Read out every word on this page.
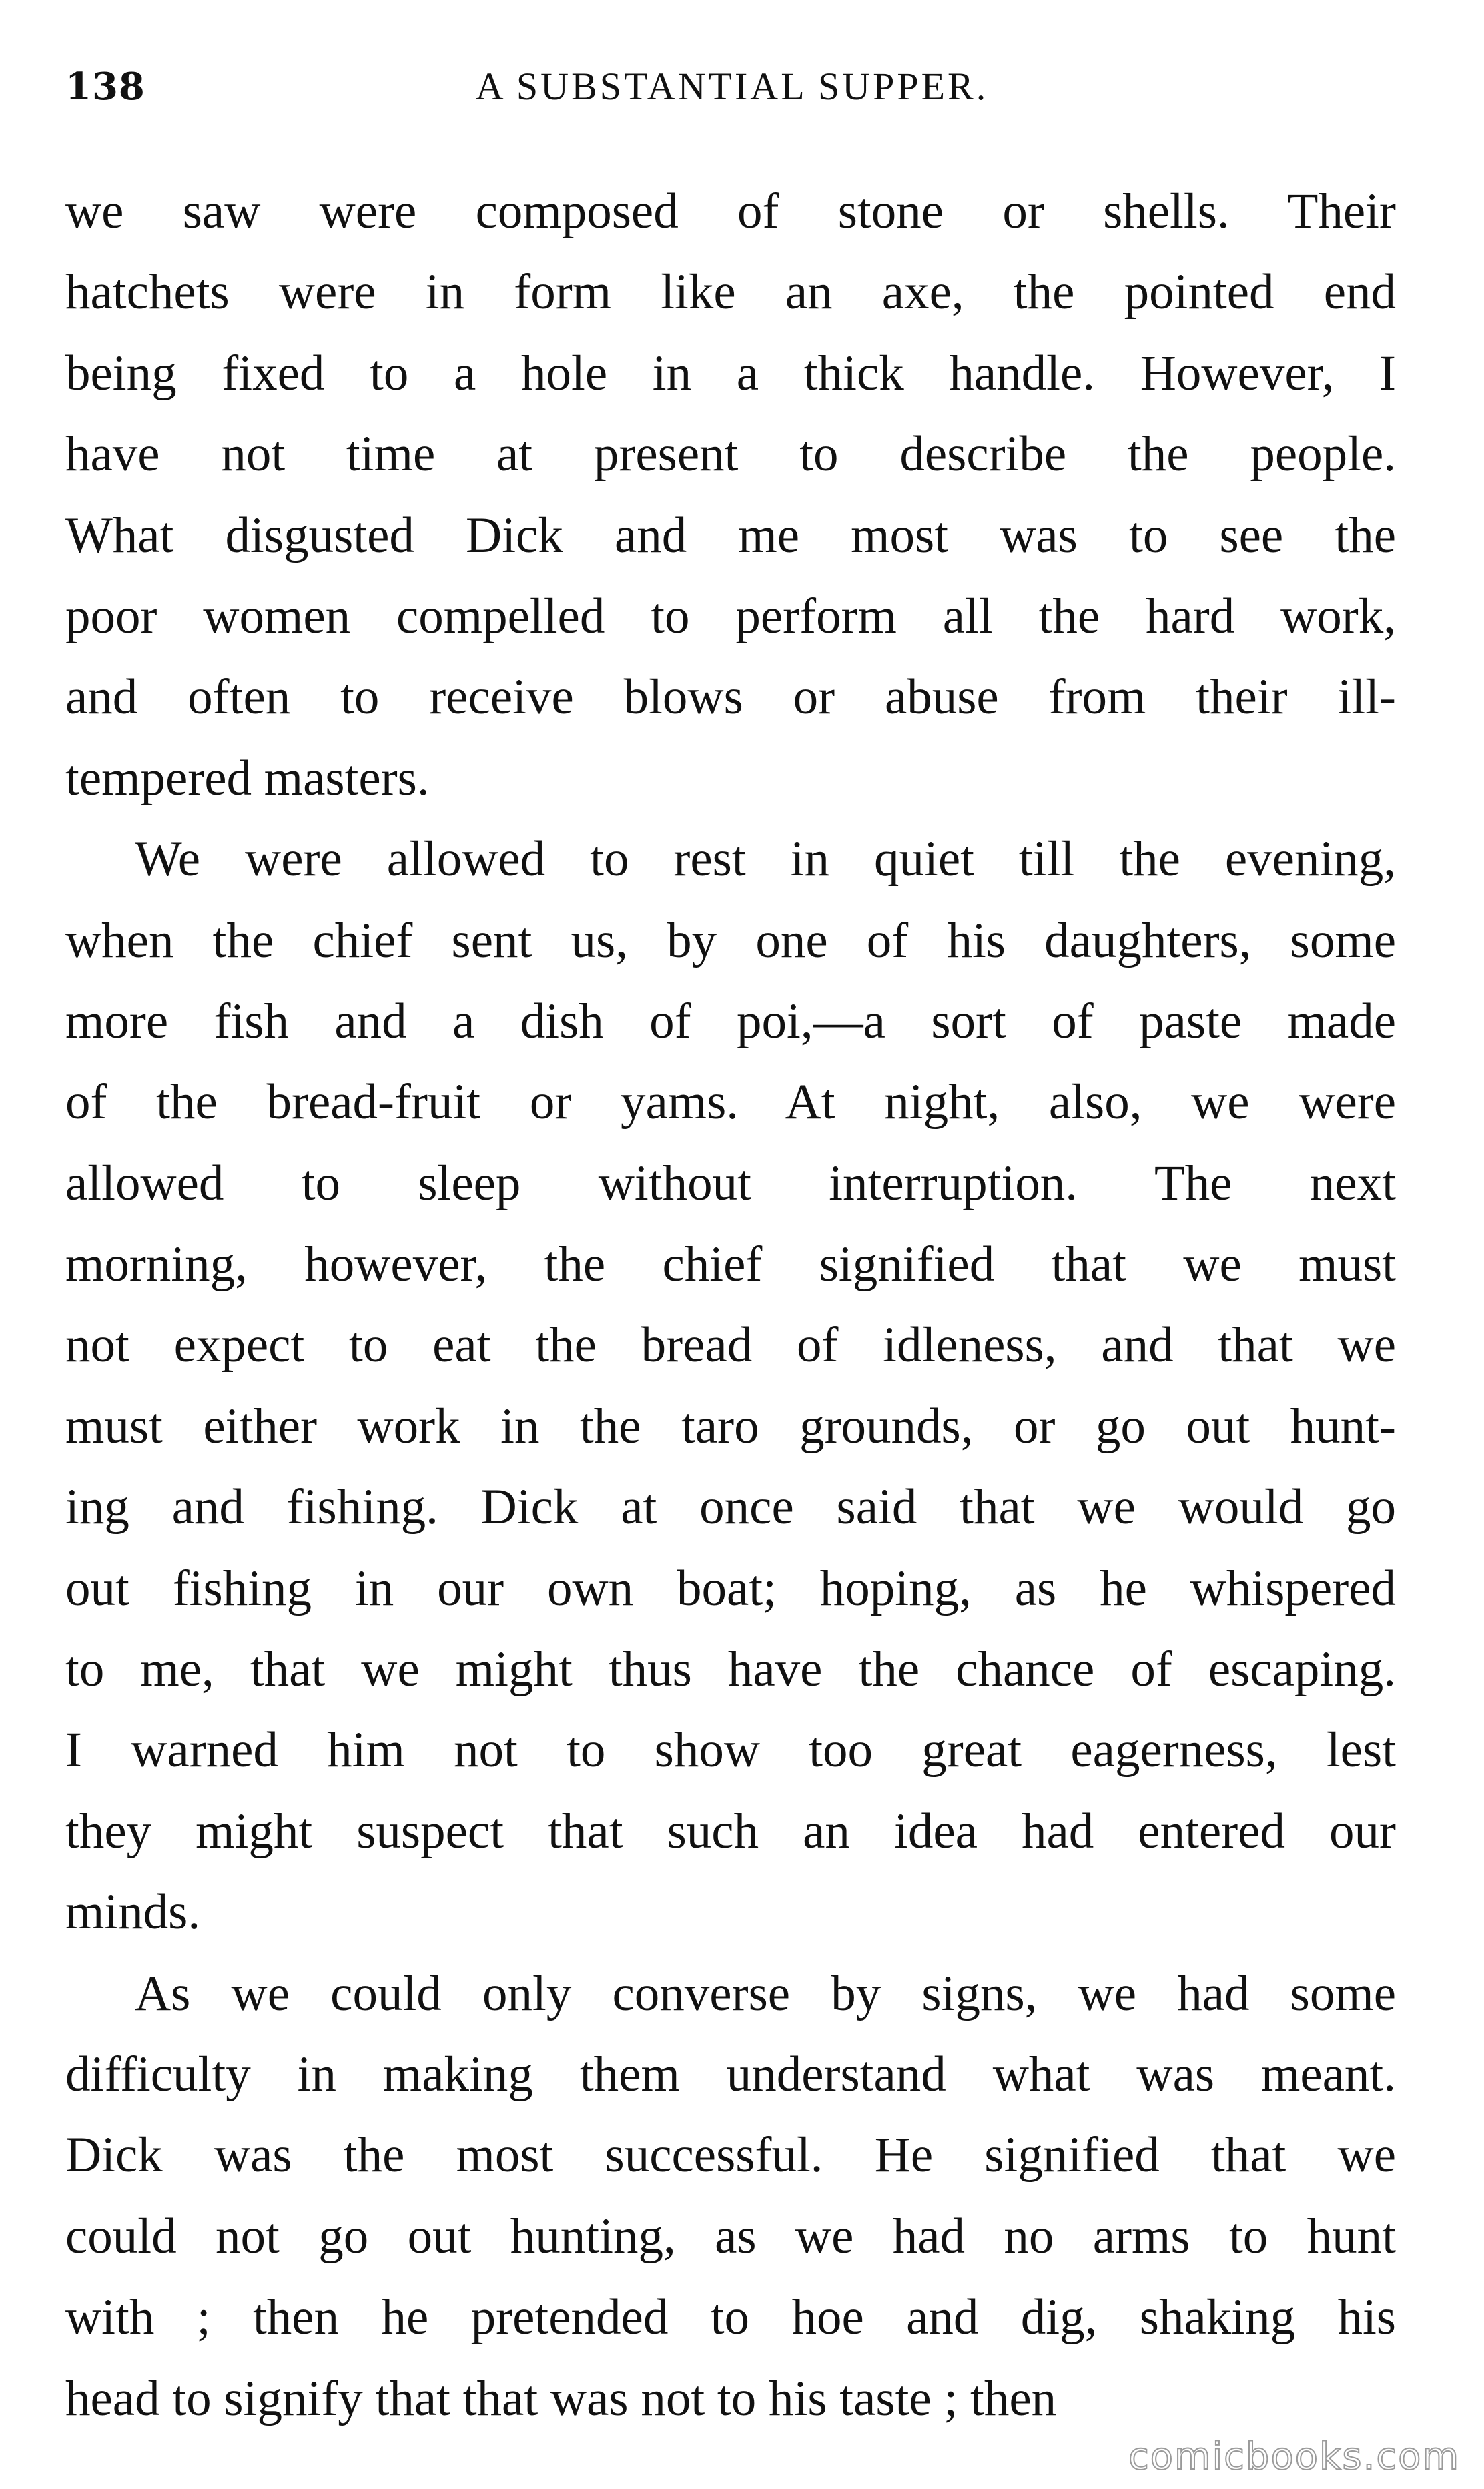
138	A SUBSTANTIAL SUPPER.
we saw were composed of stone or shells. Their
hatchets were in form like an axe, the pointed end
being fixed to a hole in a thick handle. However, I
have not time at present to describe the people.
What disgusted Dick and me most was to see the
poor women compelled to perform all the hard work,
and often to receive blows or abuse from their ill-
tempered masters.
We were allowed to rest in quiet till the evening,
when the chief sent us, by one of his daughters, some
more fish and a dish of poi,—a sort of paste made
of the bread-fruit or yams. At night, also, we were
allowed to sleep without interruption. The next
morning, however, the chief signified that we must
not expect to eat the bread of idleness, and that we
must either work in the taro grounds, or go out hunt-
ing and fishing. Dick at once said that we would go
out fishing in our own boat; hoping, as he whispered
to me, that we might thus have the chance of escaping.
I warned him not to show too great eagerness, lest
they might suspect that such an idea had entered our
minds.
As we could only converse by signs, we had some
difficulty in making them understand what was meant.
Dick was the most successful. He signified that we
could not go out hunting, as we had no arms to hunt
with ; then he pretended to hoe and dig, shaking his
head to signify that that was not to his taste ; then
comicbooks.com
